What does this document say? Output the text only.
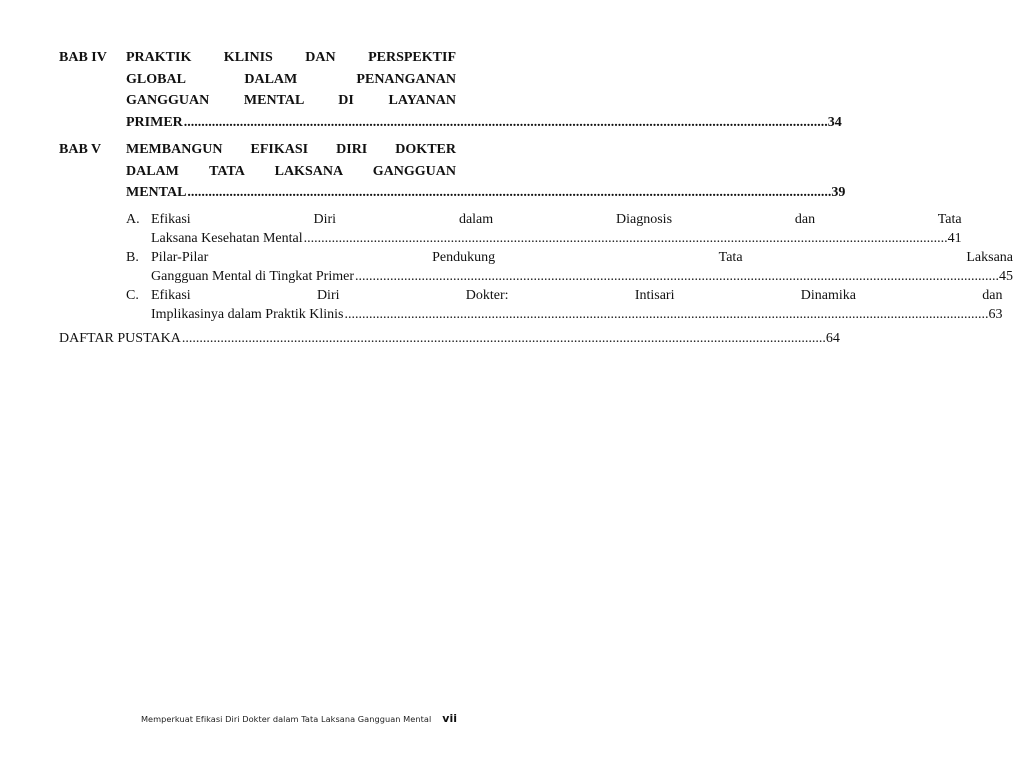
BAB IV	PRAKTIK KLINIS DAN PERSPEKTIF
GLOBAL DALAM PENANGANAN
GANGGUAN MENTAL DI LAYANAN
PRIMER .....	34
BAB V	MEMBANGUN EFIKASI DIRI DOKTER
DALAM TATA LAKSANA GANGGUAN
MENTAL .....	39
A. Efikasi Diri dalam Diagnosis dan Tata
Laksana Kesehatan Mental .....	41
B. Pilar-Pilar Pendukung Tata Laksana
Gangguan Mental di Tingkat Primer .....	45
C. Efikasi Diri Dokter: Intisari Dinamika dan
Implikasinya dalam Praktik Klinis .....	63
DAFTAR PUSTAKA .....	64
Memperkuat Efikasi Diri Dokter dalam Tata Laksana Gangguan Mental vii
